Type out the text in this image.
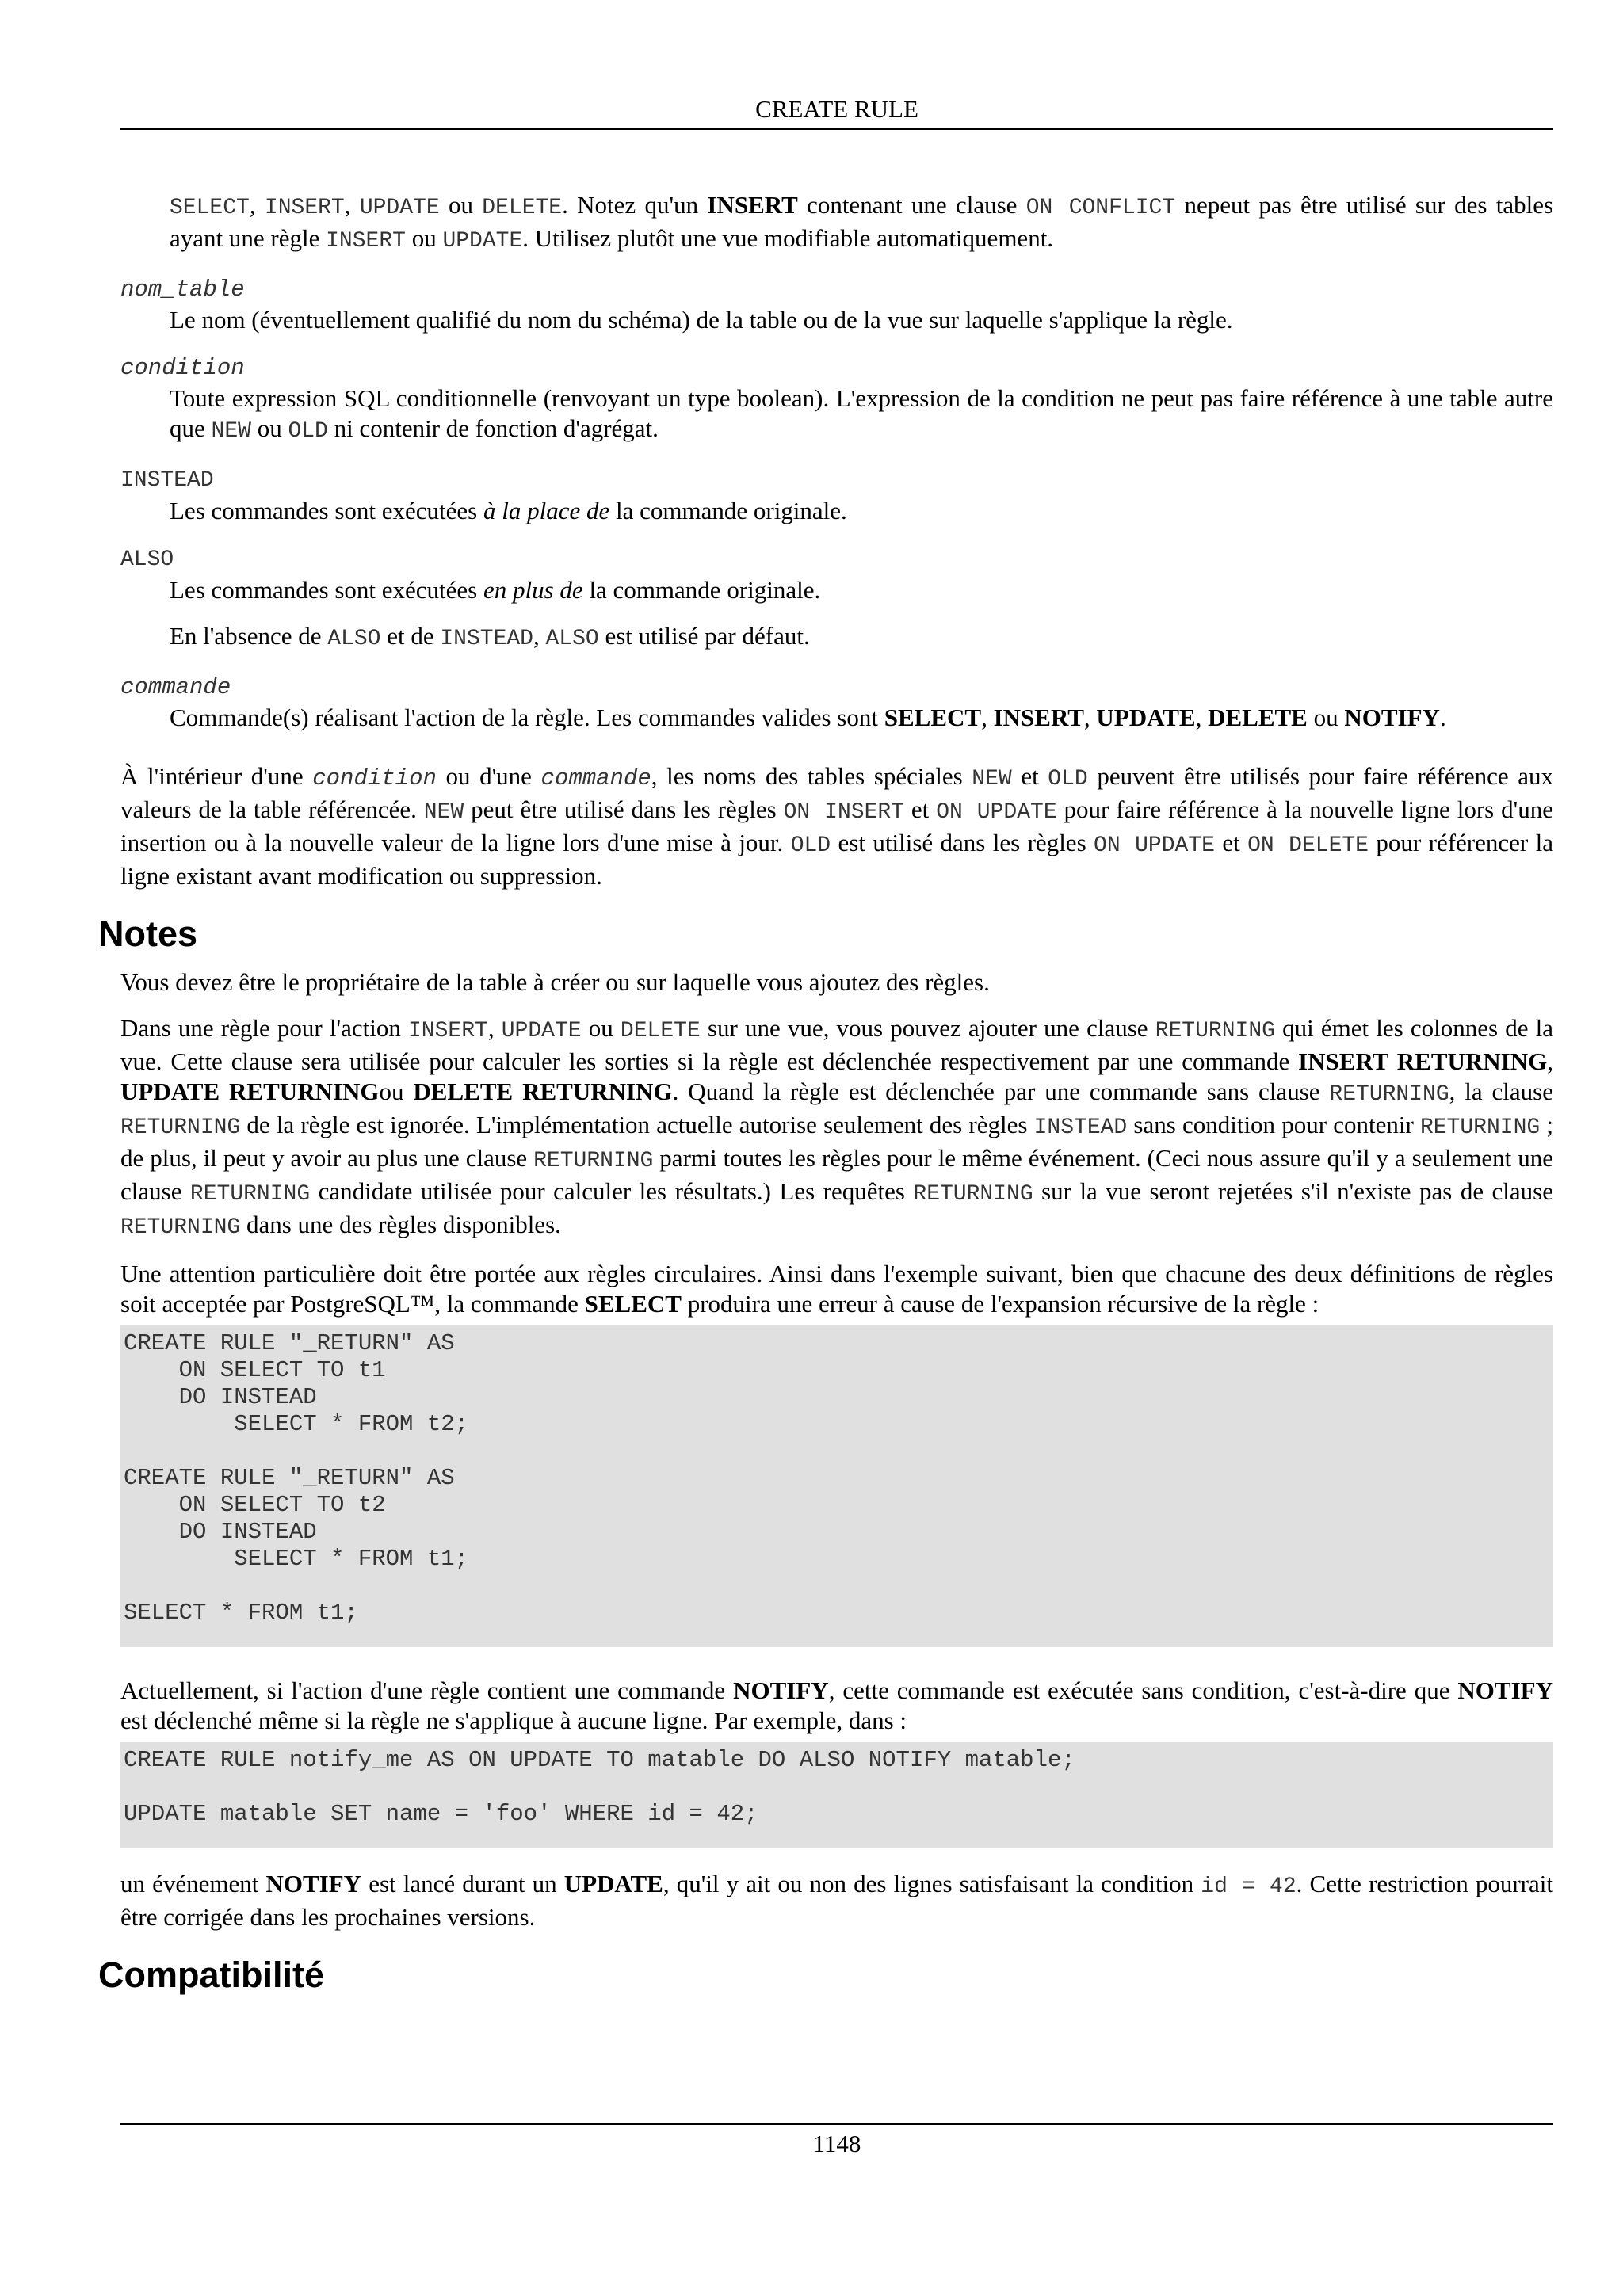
CREATE RULE

SELECT, INSERT, UPDATE ou DELETE. Notez qu'un INSERT contenant une clause ON CONFLICT nepeut pas être utilisé sur des tables ayant une règle INSERT ou UPDATE. Utilisez plutôt une vue modifiable automatiquement.

nom_table

Le nom (éventuellement qualifié du nom du schéma) de la table ou de la vue sur laquelle s'applique la règle.

condition

Toute expression SQL conditionnelle (renvoyant un type boolean). L'expression de la condition ne peut pas faire référence à une table autre que NEW ou OLD ni contenir de fonction d'agrégat.

INSTEAD

Les commandes sont exécutées à la place de la commande originale.

ALSO

Les commandes sont exécutées en plus de la commande originale.

En l'absence de ALSO et de INSTEAD, ALSO est utilisé par défaut.

commande

Commande(s) réalisant l'action de la règle. Les commandes valides sont SELECT, INSERT, UPDATE, DELETE ou NOTIFY.

À l'intérieur d'une condition ou d'une commande, les noms des tables spéciales NEW et OLD peuvent être utilisés pour faire référence aux valeurs de la table référencée. NEW peut être utilisé dans les règles ON INSERT et ON UPDATE pour faire référence à la nouvelle ligne lors d'une insertion ou à la nouvelle valeur de la ligne lors d'une mise à jour. OLD est utilisé dans les règles ON UPDATE et ON DELETE pour référencer la ligne existant avant modification ou suppression.

Notes

Vous devez être le propriétaire de la table à créer ou sur laquelle vous ajoutez des règles.

Dans une règle pour l'action INSERT, UPDATE ou DELETE sur une vue, vous pouvez ajouter une clause RETURNING qui émet les colonnes de la vue. Cette clause sera utilisée pour calculer les sorties si la règle est déclenchée respectivement par une commande INSERT RETURNING, UPDATE RETURNINGou DELETE RETURNING. Quand la règle est déclenchée par une commande sans clause RETURNING, la clause RETURNING de la règle est ignorée. L'implémentation actuelle autorise seulement des règles INSTEAD sans condition pour contenir RETURNING ; de plus, il peut y avoir au plus une clause RETURNING parmi toutes les règles pour le même événement. (Ceci nous assure qu'il y a seulement une clause RETURNING candidate utilisée pour calculer les résultats.) Les requêtes RETURNING sur la vue seront rejetées s'il n'existe pas de clause RETURNING dans une des règles disponibles.

Une attention particulière doit être portée aux règles circulaires. Ainsi dans l'exemple suivant, bien que chacune des deux définitions de règles soit acceptée par PostgreSQL™, la commande SELECT produira une erreur à cause de l'expansion récursive de la règle :

CREATE RULE "_RETURN" AS
ON SELECT TO t1
DO INSTEAD
SELECT * FROM t2;

CREATE RULE "_RETURN" AS
ON SELECT TO t2
DO INSTEAD
SELECT * FROM t1;

SELECT * FROM t1;

Actuellement, si l'action d'une règle contient une commande NOTIFY, cette commande est exécutée sans condition, c'est-à-dire que NOTIFY est déclenché même si la règle ne s'applique à aucune ligne. Par exemple, dans :

CREATE RULE notify_me AS ON UPDATE TO matable DO ALSO NOTIFY matable;

UPDATE matable SET name = 'foo' WHERE id = 42;

un événement NOTIFY est lancé durant un UPDATE, qu'il y ait ou non des lignes satisfaisant la condition id = 42. Cette restriction pourrait être corrigée dans les prochaines versions.

Compatibilité
1148
